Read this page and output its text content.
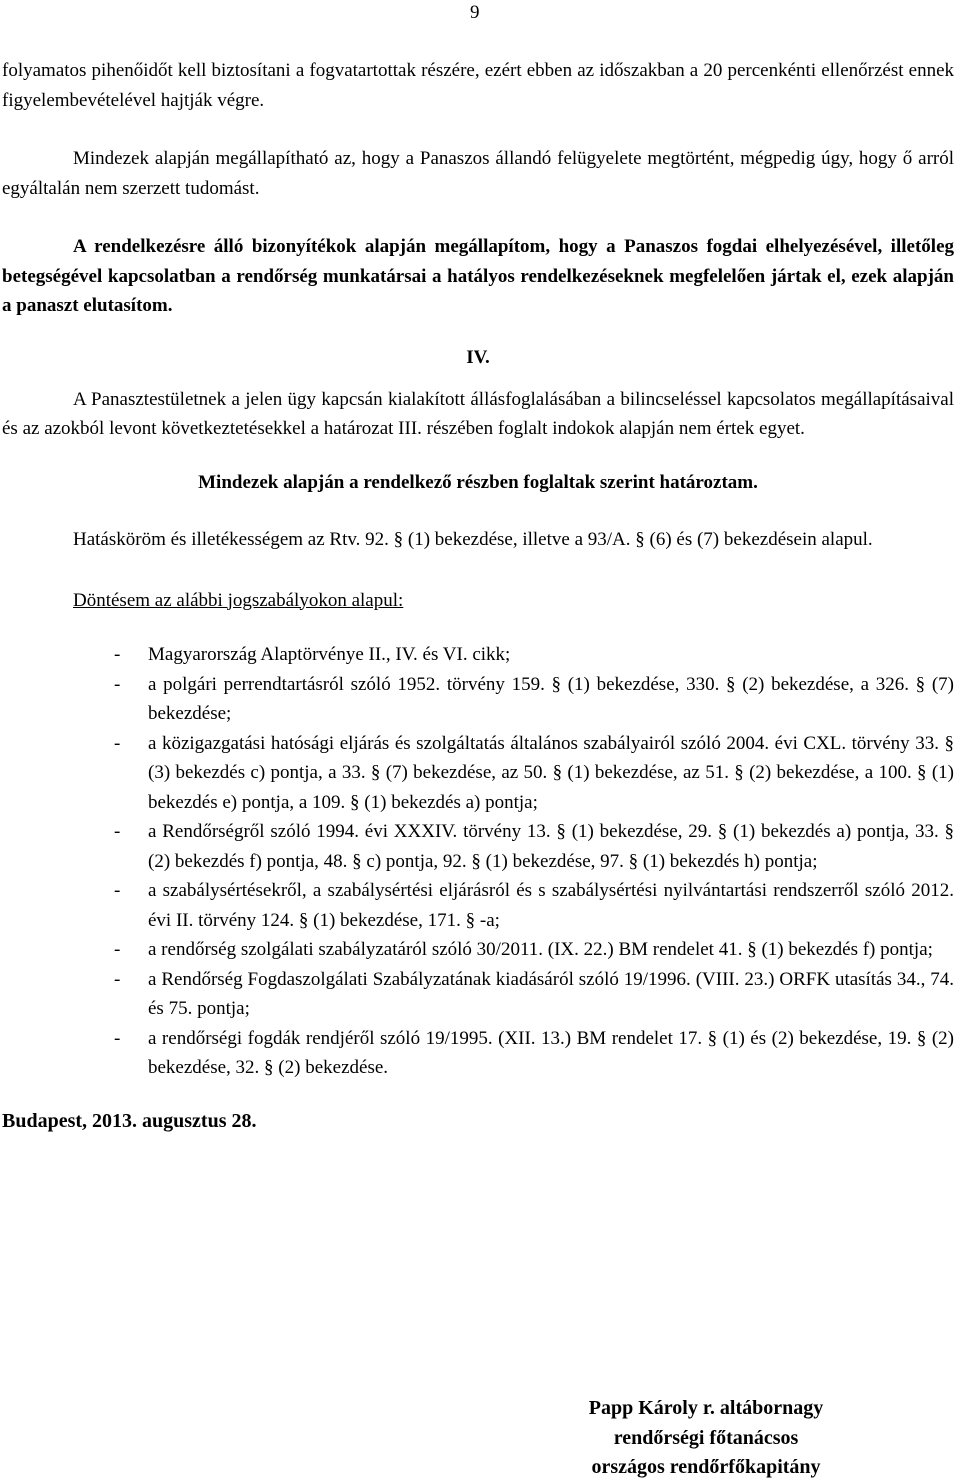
9

folyamatos pihenőidőt kell biztosítani a fogvatartottak részére, ezért ebben az időszakban a 20 percenkénti ellenőrzést ennek figyelembevételével hajtják végre.

Mindezek alapján megállapítható az, hogy a Panaszos állandó felügyelete megtörtént, mégpedig úgy, hogy ő arról egyáltalán nem szerzett tudomást.

A rendelkezésre álló bizonyítékok alapján megállapítom, hogy a Panaszos fogdai elhelyezésével, illetőleg betegségével kapcsolatban a rendőrség munkatársai a hatályos rendelkezéseknek megfelelően jártak el, ezek alapján a panaszt elutasítom.

IV.

A Panasztestületnek a jelen ügy kapcsán kialakított állásfoglalásában a bilincseléssel kapcsolatos megállapításaival és az azokból levont következtetésekkel a határozat III. részében foglalt indokok alapján nem értek egyet.

Mindezek alapján a rendelkező részben foglaltak szerint határoztam.

Hatásköröm és illetékességem az Rtv. 92. § (1) bekezdése, illetve a 93/A. § (6) és (7) bekezdésein alapul.

Döntésem az alábbi jogszabályokon alapul:

- Magyarország Alaptörvénye II., IV. és VI. cikk;
- a polgári perrendtartásról szóló 1952. törvény 159. § (1) bekezdése, 330. § (2) bekezdése, a 326. § (7) bekezdése;
- a közigazgatási hatósági eljárás és szolgáltatás általános szabályairól szóló 2004. évi CXL. törvény 33. § (3) bekezdés c) pontja, a 33. § (7) bekezdése, az 50. § (1) bekezdése, az 51. § (2) bekezdése, a 100. § (1) bekezdés e) pontja, a 109. § (1) bekezdés a) pontja;
- a Rendőrségről szóló 1994. évi XXXIV. törvény 13. § (1) bekezdése, 29. § (1) bekezdés a) pontja, 33. § (2) bekezdés f) pontja, 48. § c) pontja, 92. § (1) bekezdése, 97. § (1) bekezdés h) pontja;
- a szabálysértésekről, a szabálysértési eljárásról és s szabálysértési nyilvántartási rendszerről szóló 2012. évi II. törvény 124. § (1) bekezdése, 171. § -a;
- a rendőrség szolgálati szabályzatáról szóló 30/2011. (IX. 22.) BM rendelet 41. § (1) bekezdés f) pontja;
- a Rendőrség Fogdaszolgálati Szabályzatának kiadásáról szóló 19/1996. (VIII. 23.) ORFK utasítás 34., 74. és 75. pontja;
- a rendőrségi fogdák rendjéről szóló 19/1995. (XII. 13.) BM rendelet 17. § (1) és (2) bekezdése, 19. § (2) bekezdése, 32. § (2) bekezdése.

Budapest, 2013. augusztus 28.

Papp Károly r. altábornagy
rendőrségi főtanácsos
országos rendőrfőkapitány
